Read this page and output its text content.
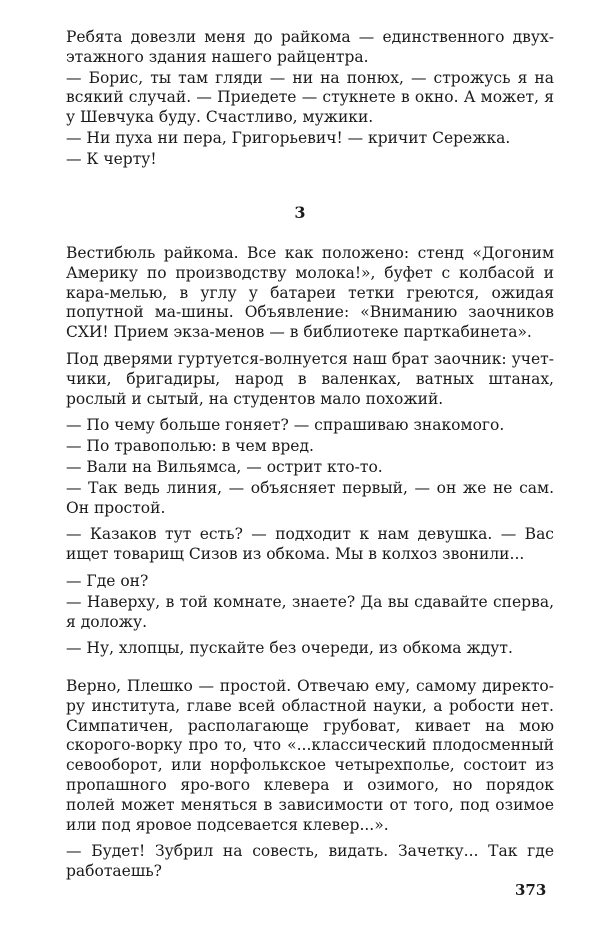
Ребята довезли меня до райкома — единственного двух-этажного здания нашего райцентра.

— Борис, ты там гляди — ни на понюх, — строжусь я на всякий случай. — Приедете — стукнете в окно. А может, я у Шевчука буду. Счастливо, мужики.

— Ни пуха ни пера, Григорьевич! — кричит Сережка.

— К черту!

3

Вестибюль райкома. Все как положено: стенд «Догоним Америку по производству молока!», буфет с колбасой и кара-мелью, в углу у батареи тетки греются, ожидая попутной ма-шины. Объявление: «Вниманию заочников СХИ! Прием экза-менов — в библиотеке парткабинета».

Под дверями гуртуется-волнуется наш брат заочник: учет-чики, бригадиры, народ в валенках, ватных штанах, рослый и сытый, на студентов мало похожий.

— По чему больше гоняет? — спрашиваю знакомого.

— По травополью: в чем вред.

— Вали на Вильямса, — острит кто-то.

— Так ведь линия, — объясняет первый, — он же не сам. Он простой.

— Казаков тут есть? — подходит к нам девушка. — Вас ищет товарищ Сизов из обкома. Мы в колхоз звонили...

— Где он?

— Наверху, в той комнате, знаете? Да вы сдавайте сперва, я доложу.

— Ну, хлопцы, пускайте без очереди, из обкома ждут.

Верно, Плешко — простой. Отвечаю ему, самому директо-ру института, главе всей областной науки, а робости нет. Симпатичен, располагающе грубоват, кивает на мою скорого-ворку про то, что «...классический плодосменный севооборот, или норфолькское четырехполье, состоит из пропашного яро-вого клевера и озимого, но порядок полей может меняться в зависимости от того, под озимое или под яровое подсевается клевер...».

— Будет! Зубрил на совесть, видать. Зачетку... Так где работаешь?

373
